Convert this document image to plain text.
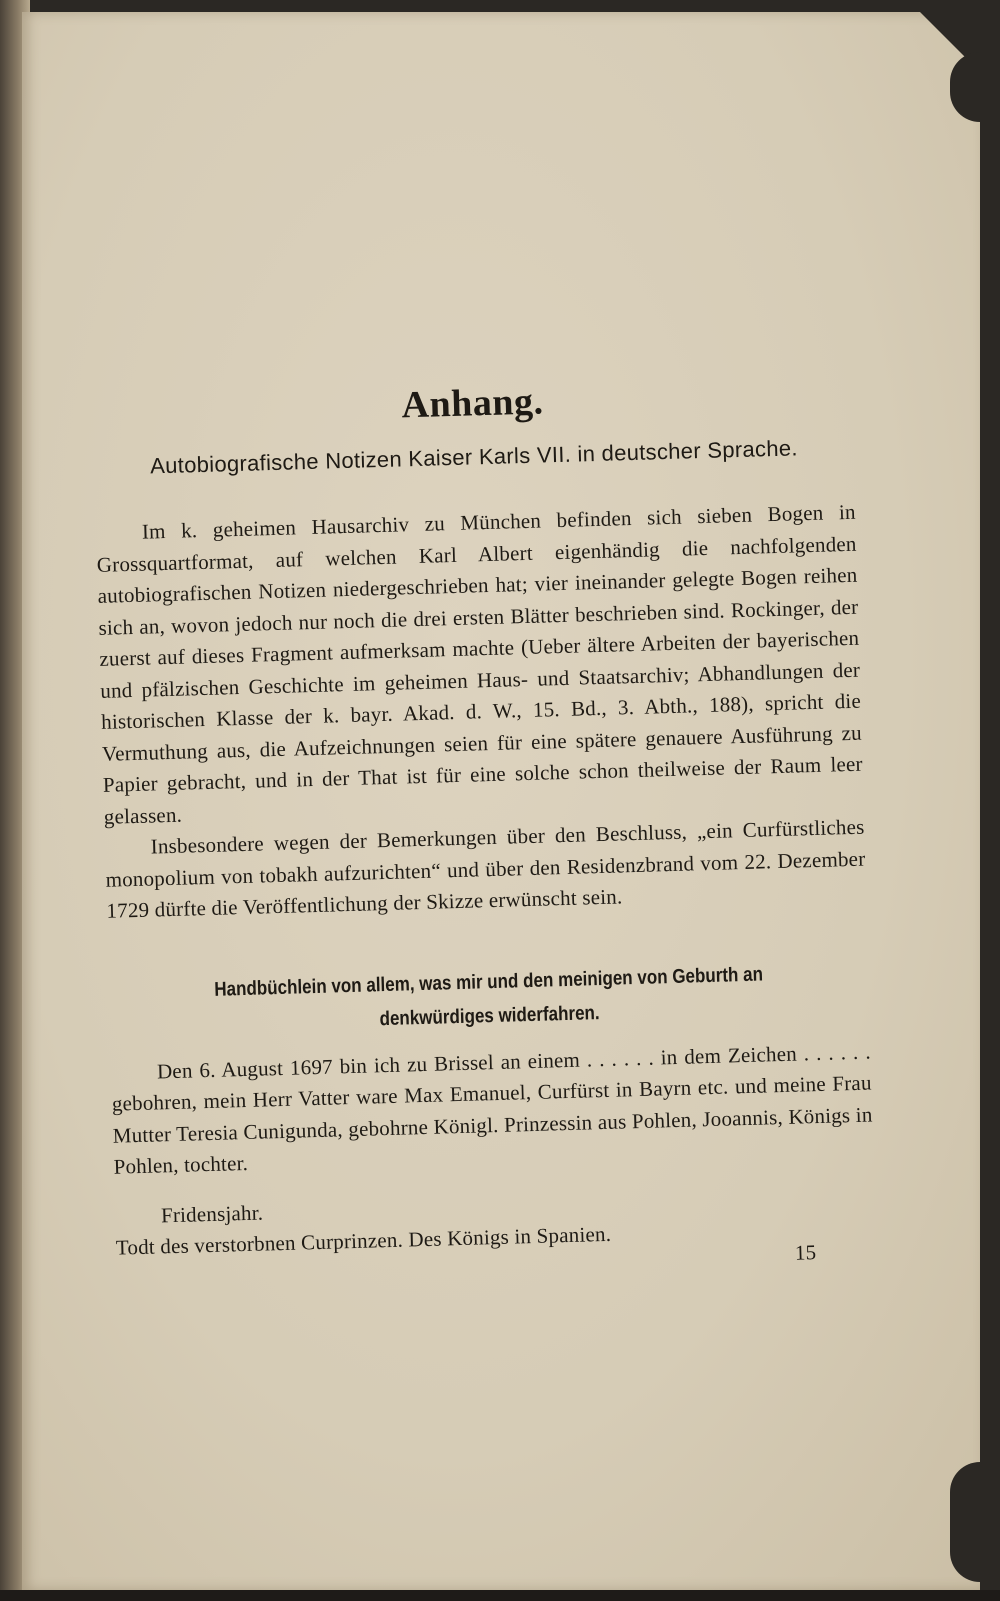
Anhang.
Autobiografische Notizen Kaiser Karls VII. in deutscher Sprache.

Im k. geheimen Hausarchiv zu München befinden sich sieben Bogen in Grossquartformat, auf welchen Karl Albert eigenhändig die nachfolgenden autobiografischen Notizen niedergeschrieben hat; vier ineinander gelegte Bogen reihen sich an, wovon jedoch nur noch die drei ersten Blätter beschrieben sind. Rockinger, der zuerst auf dieses Fragment aufmerksam machte (Ueber ältere Arbeiten der bayerischen und pfälzischen Geschichte im geheimen Haus- und Staatsarchiv; Abhandlungen der historischen Klasse der k. bayr. Akad. d. W., 15. Bd., 3. Abth., 188), spricht die Vermuthung aus, die Aufzeichnungen seien für eine spätere genauere Ausführung zu Papier gebracht, und in der That ist für eine solche schon theilweise der Raum leer gelassen.

Insbesondere wegen der Bemerkungen über den Beschluss, „ein Curfürstliches monopolium von tobakh aufzurichten“ und über den Residenzbrand vom 22. Dezember 1729 dürfte die Veröffentlichung der Skizze erwünscht sein.

Handbüchlein von allem, was mir und den meinigen von Geburth an denkwürdiges widerfahren.

Den 6. August 1697 bin ich zu Brissel an einem . . . . . . in dem Zeichen . . . . . . gebohren, mein Herr Vatter ware Max Emanuel, Curfürst in Bayrn etc. und meine Frau Mutter Teresia Cunigunda, gebohrne Königl. Prinzessin aus Pohlen, Jooannis, Königs in Pohlen, tochter.

Fridensjahr.

Todt des verstorbnen Curprinzen. Des Königs in Spanien.	15
